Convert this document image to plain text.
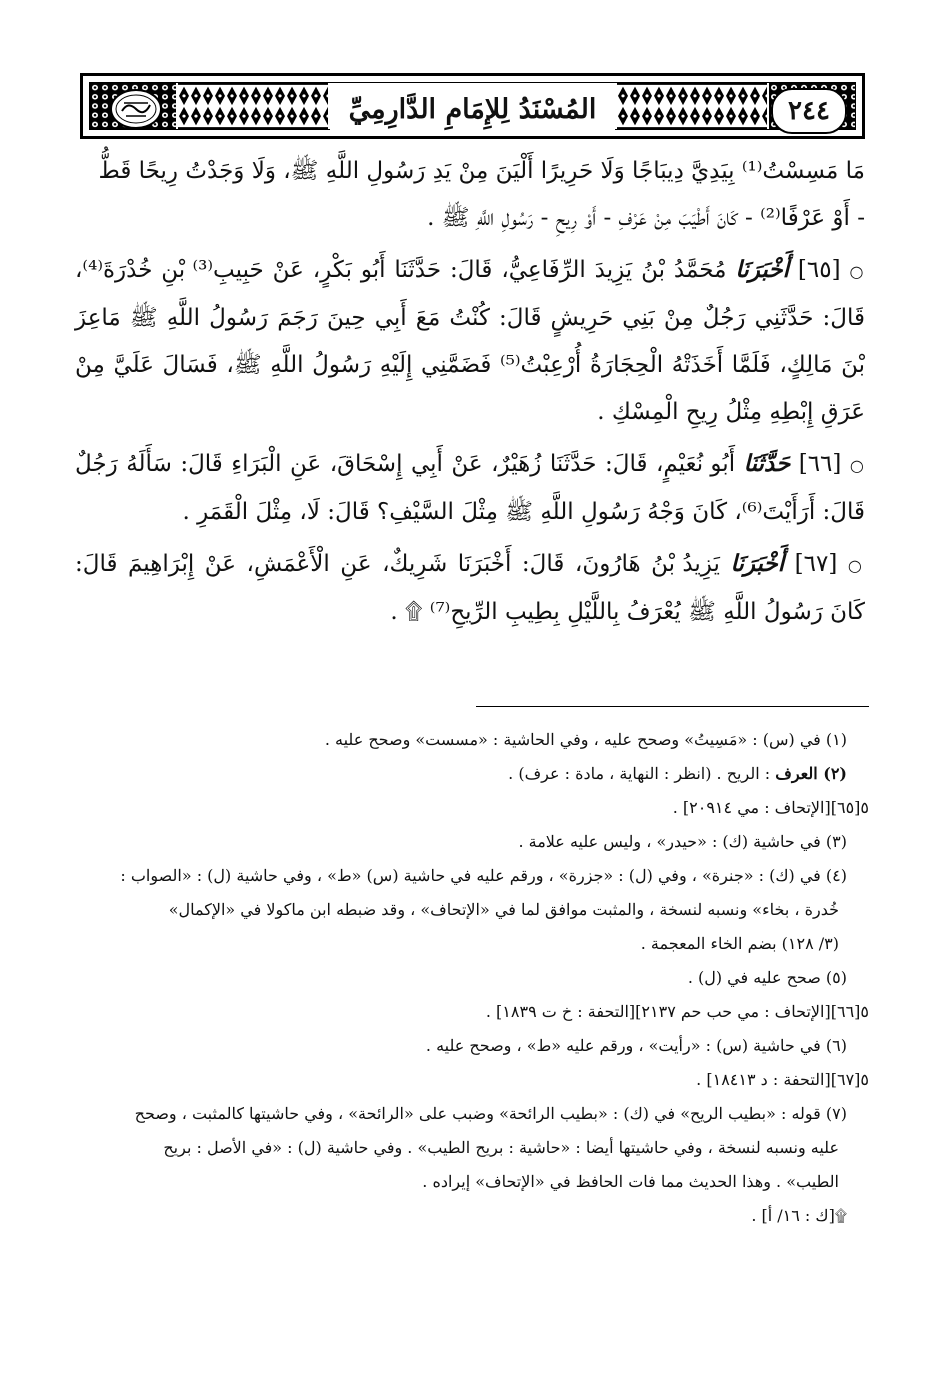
المُسْنَدُ لِلإِمَامِ الدَّارِمِيِّ	٢٤٤

مَا مَسِسْتُ⁽¹⁾ بِيَدِيَّ دِيبَاجًا وَلَا حَرِيرًا أَلْيَنَ مِنْ يَدِ رَسُولِ اللَّهِ ﷺ، وَلَا وَجَدْتُ رِيحًا قَطُّ
- أَوْ عَرْفًا⁽²⁾ - كَانَ أَطْيَبَ مِنْ عَرْفِ - أَوْ رِيحِ - رَسُولِ اللَّهِ ﷺ .

○ [٦٥] أَخْبَرَنَا مُحَمَّدُ بْنُ يَزِيدَ الرِّفَاعِيُّ، قَالَ: حَدَّثَنَا أَبُو بَكْرٍ، عَنْ حَبِيبِ⁽³⁾ بْنِ خُدْرَةَ⁽⁴⁾، قَالَ: حَدَّثَنِي رَجُلٌ مِنْ بَنِي حَرِيشٍ قَالَ: كُنْتُ مَعَ أَبِي حِينَ رَجَمَ رَسُولُ اللَّهِ ﷺ مَاعِزَ بْنَ مَالِكٍ، فَلَمَّا أَخَذَتْهُ الْحِجَارَةُ أُرْعِبْتُ⁽⁵⁾ فَضَمَّنِي إِلَيْهِ رَسُولُ اللَّهِ ﷺ، فَسَالَ عَلَيَّ مِنْ عَرَقِ إِبْطِهِ مِثْلُ رِيحِ الْمِسْكِ .

○ [٦٦] حَدَّثَنَا أَبُو نُعَيْمٍ، قَالَ: حَدَّثَنَا زُهَيْرٌ، عَنْ أَبِي إِسْحَاقَ، عَنِ الْبَرَاءِ قَالَ: سَأَلَهُ رَجُلٌ قَالَ: أَرَأَيْتَ⁽⁶⁾، كَانَ وَجْهُ رَسُولِ اللَّهِ ﷺ مِثْلَ السَّيْفِ؟ قَالَ: لَا، مِثْلَ الْقَمَرِ .

○ [٦٧] أَخْبَرَنَا يَزِيدُ بْنُ هَارُونَ، قَالَ: أَخْبَرَنَا شَرِيكٌ، عَنِ الْأَعْمَشِ، عَنْ إِبْرَاهِيمَ قَالَ: كَانَ رَسُولُ اللَّهِ ﷺ يُعْرَفُ بِاللَّيْلِ بِطِيبِ الرِّيحِ⁽⁷⁾ ۩ .

(١) في (س) : «مَسِيتُ» وصحح عليه ، وفي الحاشية : «مسست» وصحح عليه .
(٢) العرف : الريح . (انظر : النهاية ، مادة : عرف) .
٥[٦٥][الإتحاف : مي ٢٠٩١٤] .
(٣) في حاشية (ك) : «حيدر» ، وليس عليه علامة .
(٤) في (ك) : «جنرة» ، وفي (ل) : «جزرة» ، ورقم عليه في حاشية (س) «ط» ، وفي حاشية (ل) : «الصواب :
خُدرة ، بخاء» ونسبه لنسخة ، والمثبت موافق لما في «الإتحاف» ، وقد ضبطه ابن ماكولا في «الإكمال»
(٣/ ١٢٨) بضم الخاء المعجمة .
(٥) صحح عليه في (ل) .
٥[٦٦][الإتحاف : مي حب حم ٢١٣٧][التحفة : خ ت ١٨٣٩] .
(٦) في حاشية (س) : «رأيت» ، ورقم عليه «ط» ، وصحح عليه .
٥[٦٧][التحفة : د ١٨٤١٣] .
(٧) قوله : «بطيب الريح» في (ك) : «بطيب الرائحة» وضبب على «الرائحة» ، وفي حاشيتها كالمثبت ، وصحح
عليه ونسبه لنسخة ، وفي حاشيتها أيضا : «حاشية : بريح الطيب» . وفي حاشية (ل) : «في الأصل : بريح
الطيب» . وهذا الحديث مما فات الحافظ في «الإتحاف» إيراده .
۩[ك : ١٦/ أ] .
